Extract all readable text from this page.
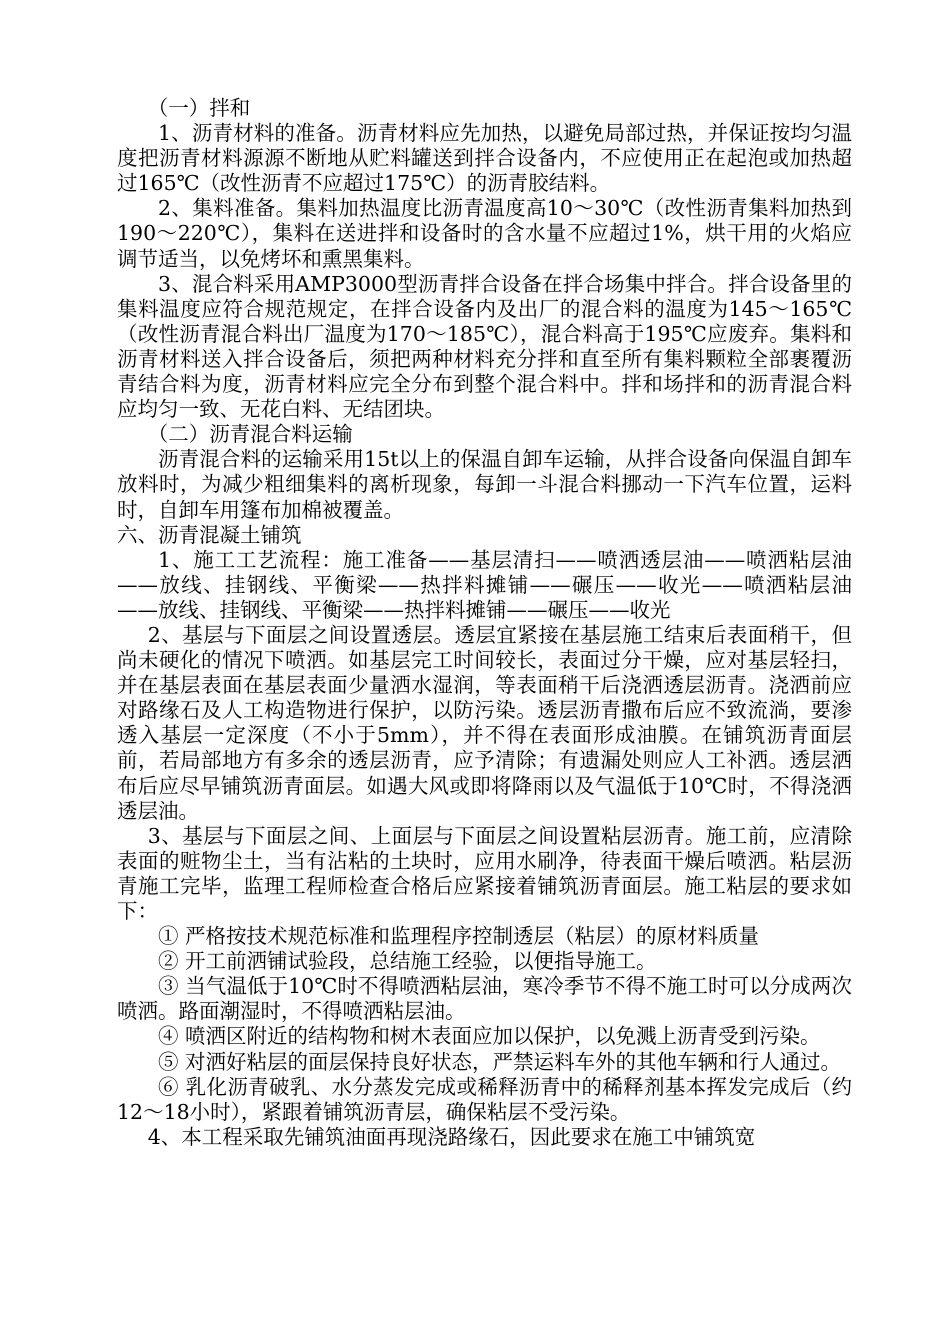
（一）拌和

1、沥青材料的准备。沥青材料应先加热，以避免局部过热，并保证按均匀温度把沥青材料源源不断地从贮料罐送到拌合设备内，不应使用正在起泡或加热超过165℃（改性沥青不应超过175℃）的沥青胶结料。

2、集料准备。集料加热温度比沥青温度高10～30℃（改性沥青集料加热到190～220℃），集料在送进拌和设备时的含水量不应超过1%，烘干用的火焰应调节适当，以免烤坏和熏黑集料。

3、混合料采用AMP3000型沥青拌合设备在拌合场集中拌合。拌合设备里的集料温度应符合规范规定，在拌合设备内及出厂的混合料的温度为145～165℃（改性沥青混合料出厂温度为170～185℃），混合料高于195℃应废弃。集料和沥青材料送入拌合设备后，须把两种材料充分拌和直至所有集料颗粒全部裹覆沥青结合料为度，沥青材料应完全分布到整个混合料中。拌和场拌和的沥青混合料应均匀一致、无花白料、无结团块。

（二）沥青混合料运输

沥青混合料的运输采用15t以上的保温自卸车运输，从拌合设备向保温自卸车放料时，为减少粗细集料的离析现象，每卸一斗混合料挪动一下汽车位置，运料时，自卸车用篷布加棉被覆盖。

六、沥青混凝土铺筑

1、施工工艺流程：施工准备——基层清扫——喷洒透层油——喷洒粘层油——放线、挂钢线、平衡梁——热拌料摊铺——碾压——收光——喷洒粘层油——放线、挂钢线、平衡梁——热拌料摊铺——碾压——收光

2、基层与下面层之间设置透层。透层宜紧接在基层施工结束后表面稍干，但尚未硬化的情况下喷洒。如基层完工时间较长，表面过分干燥，应对基层轻扫，并在基层表面在基层表面少量洒水湿润，等表面稍干后浇洒透层沥青。浇洒前应对路缘石及人工构造物进行保护，以防污染。透层沥青撒布后应不致流淌，要渗透入基层一定深度（不小于5mm），并不得在表面形成油膜。在铺筑沥青面层前，若局部地方有多余的透层沥青，应予清除；有遗漏处则应人工补洒。透层洒布后应尽早铺筑沥青面层。如遇大风或即将降雨以及气温低于10℃时，不得浇洒透层油。

3、基层与下面层之间、上面层与下面层之间设置粘层沥青。施工前，应清除表面的赃物尘土，当有沾粘的土块时，应用水刷净，待表面干燥后喷洒。粘层沥青施工完毕，监理工程师检查合格后应紧接着铺筑沥青面层。施工粘层的要求如下：

① 严格按技术规范标准和监理程序控制透层（粘层）的原材料质量

② 开工前洒铺试验段，总结施工经验，以便指导施工。

③ 当气温低于10℃时不得喷洒粘层油，寒冷季节不得不施工时可以分成两次喷洒。路面潮湿时，不得喷洒粘层油。

④ 喷洒区附近的结构物和树木表面应加以保护，以免溅上沥青受到污染。

⑤ 对洒好粘层的面层保持良好状态，严禁运料车外的其他车辆和行人通过。

⑥ 乳化沥青破乳、水分蒸发完成或稀释沥青中的稀释剂基本挥发完成后（约12～18小时），紧跟着铺筑沥青层，确保粘层不受污染。

4、本工程采取先铺筑油面再现浇路缘石，因此要求在施工中铺筑宽
